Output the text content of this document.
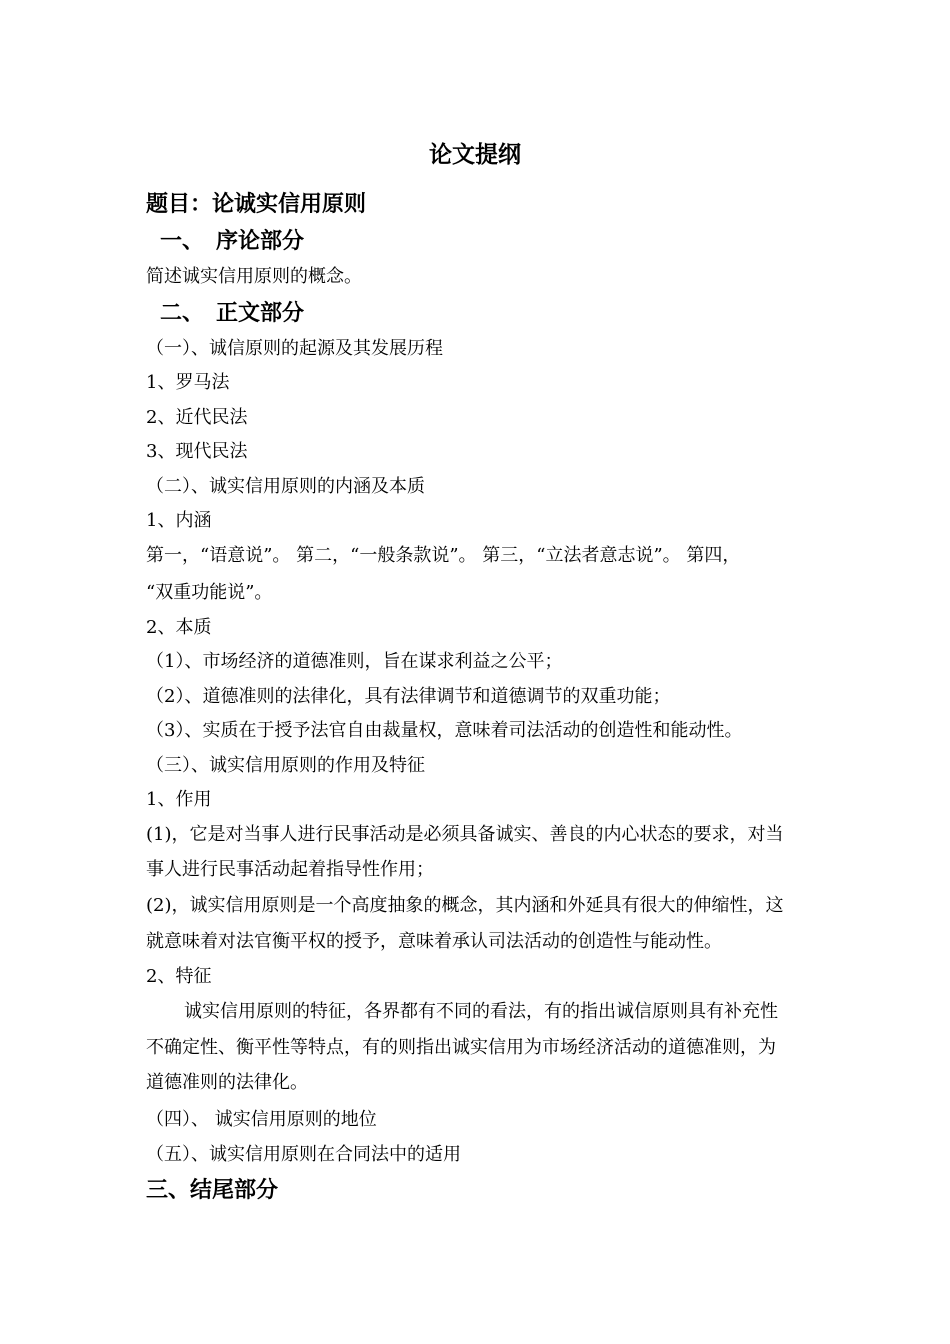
论文提纲
题目：论诚实信用原则
一、 序论部分
简述诚实信用原则的概念。
二、 正文部分
（一）、诚信原则的起源及其发展历程
1、罗马法
2、近代民法
3、现代民法
（二）、诚实信用原则的内涵及本质
1、内涵
第一，“语意说”。 第二，“一般条款说”。 第三，“立法者意志说”。 第四，
“双重功能说”。
2、本质
（1）、市场经济的道德准则，旨在谋求利益之公平；
（2）、道德准则的法律化，具有法律调节和道德调节的双重功能；
（3）、实质在于授予法官自由裁量权，意味着司法活动的创造性和能动性。
（三）、诚实信用原则的作用及特征
1、作用
(1)，它是对当事人进行民事活动是必须具备诚实、善良的内心状态的要求，对当
事人进行民事活动起着指导性作用；
(2)，诚实信用原则是一个高度抽象的概念，其内涵和外延具有很大的伸缩性，这
就意味着对法官衡平权的授予，意味着承认司法活动的创造性与能动性。
2、特征
诚实信用原则的特征，各界都有不同的看法，有的指出诚信原则具有补充性
不确定性、衡平性等特点，有的则指出诚实信用为市场经济活动的道德准则，为
道德准则的法律化。
（四）、 诚实信用原则的地位
（五）、诚实信用原则在合同法中的适用
三、结尾部分
